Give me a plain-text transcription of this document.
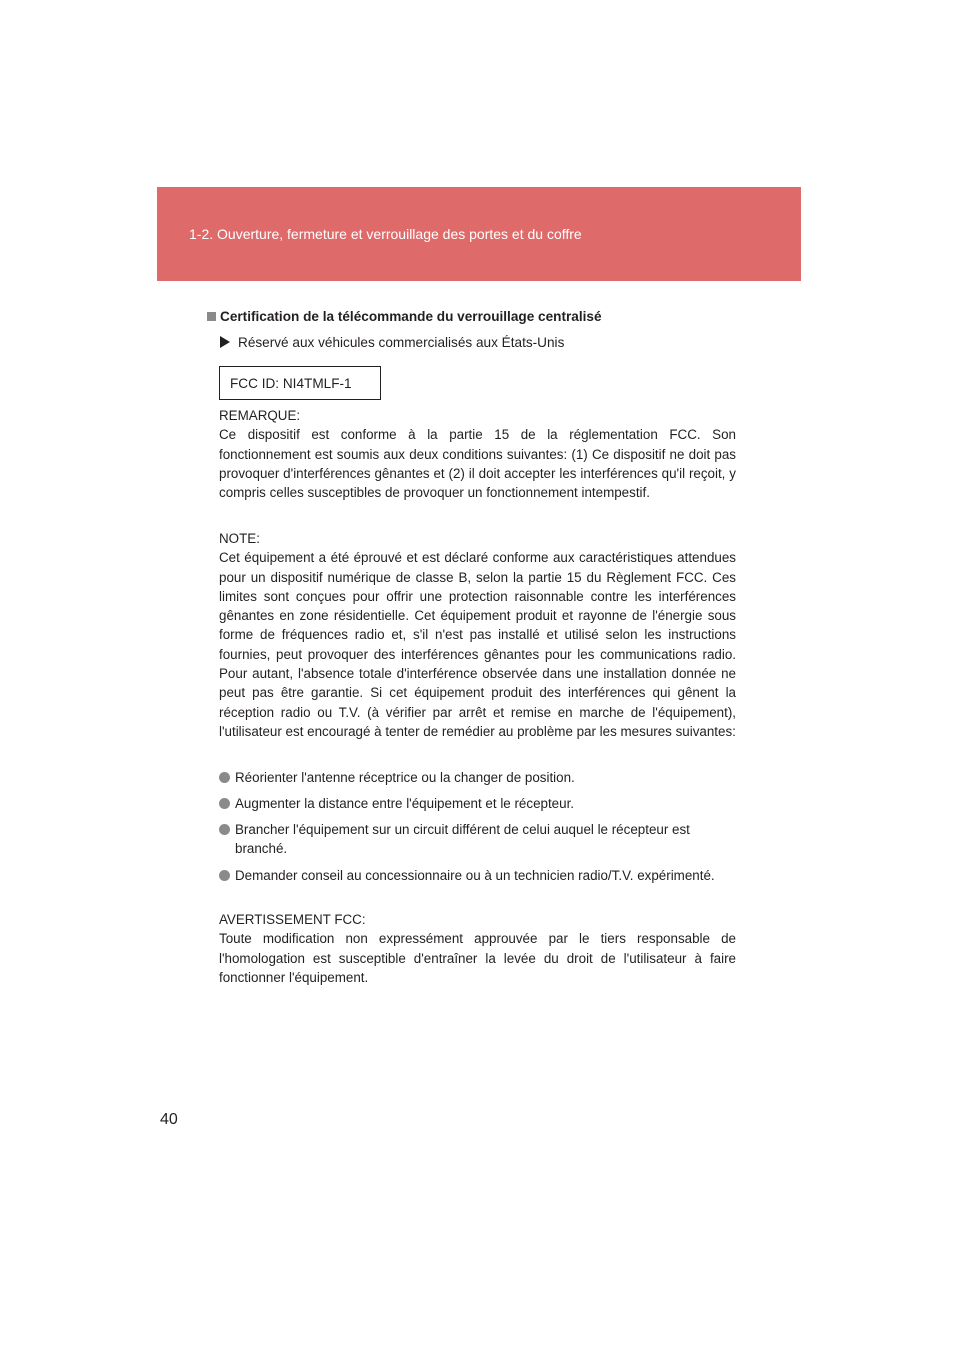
1-2. Ouverture, fermeture et verrouillage des portes et du coffre
Certification de la télécommande du verrouillage centralisé
Réservé aux véhicules commercialisés aux États-Unis
FCC ID: NI4TMLF-1
REMARQUE:
Ce dispositif est conforme à la partie 15 de la réglementation FCC. Son fonctionnement est soumis aux deux conditions suivantes: (1) Ce dispositif ne doit pas provoquer d'interférences gênantes et (2) il doit accepter les interférences qu'il reçoit, y compris celles susceptibles de provoquer un fonctionnement intempestif.
NOTE:
Cet équipement a été éprouvé et est déclaré conforme aux caractéristiques attendues pour un dispositif numérique de classe B, selon la partie 15 du Règlement FCC. Ces limites sont conçues pour offrir une protection raisonnable contre les interférences gênantes en zone résidentielle. Cet équipement produit et rayonne de l'énergie sous forme de fréquences radio et, s'il n'est pas installé et utilisé selon les instructions fournies, peut provoquer des interférences gênantes pour les communications radio. Pour autant, l'absence totale d'interférence observée dans une installation donnée ne peut pas être garantie. Si cet équipement produit des interférences qui gênent la réception radio ou T.V. (à vérifier par arrêt et remise en marche de l'équipement), l'utilisateur est encouragé à tenter de remédier au problème par les mesures suivantes:
Réorienter l'antenne réceptrice ou la changer de position.
Augmenter la distance entre l'équipement et le récepteur.
Brancher l'équipement sur un circuit différent de celui auquel le récepteur est branché.
Demander conseil au concessionnaire ou à un technicien radio/T.V. expérimenté.
AVERTISSEMENT FCC:
Toute modification non expressément approuvée par le tiers responsable de l'homologation est susceptible d'entraîner la levée du droit de l'utilisateur à faire fonctionner l'équipement.
40
